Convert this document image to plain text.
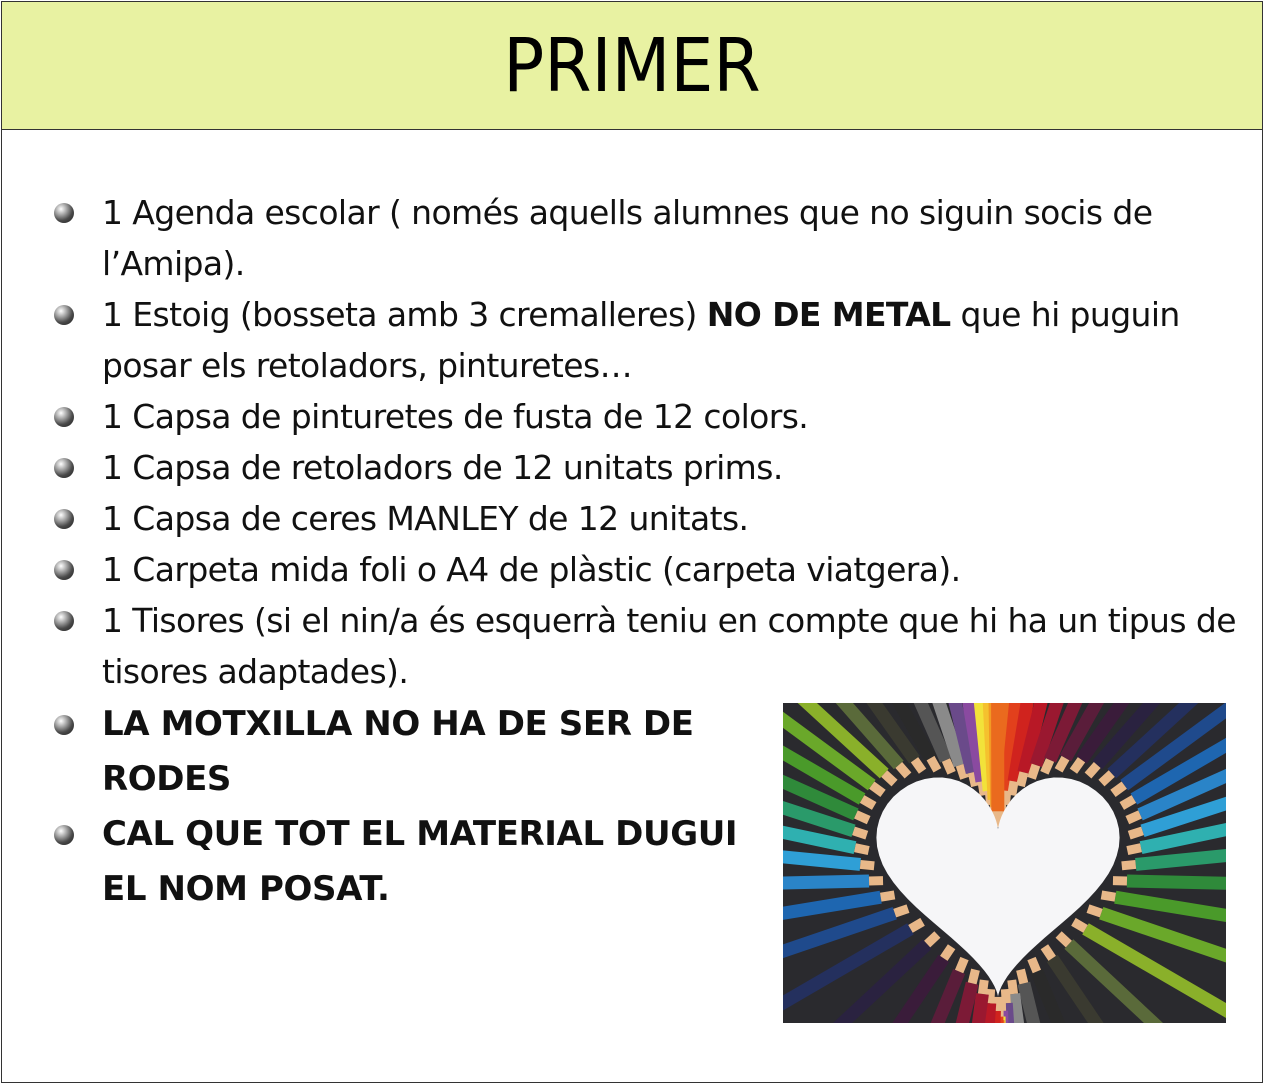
PRIMER
1 Agenda escolar ( només aquells alumnes que no siguin socis de l’Amipa).
1 Estoig (bosseta amb 3 cremalleres) NO DE METAL que hi puguin posar els retoladors, pinturetes…
1 Capsa de pinturetes de fusta de 12 colors.
1 Capsa de retoladors de 12 unitats prims.
1 Capsa de ceres MANLEY de 12 unitats.
1 Carpeta mida foli o A4 de plàstic (carpeta viatgera).
1 Tisores (si el nin/a és esquerrà teniu en compte que hi ha un tipus de tisores adaptades).
LA MOTXILLA NO HA DE SER DE RODES
CAL QUE TOT EL MATERIAL DUGUI EL NOM POSAT.
